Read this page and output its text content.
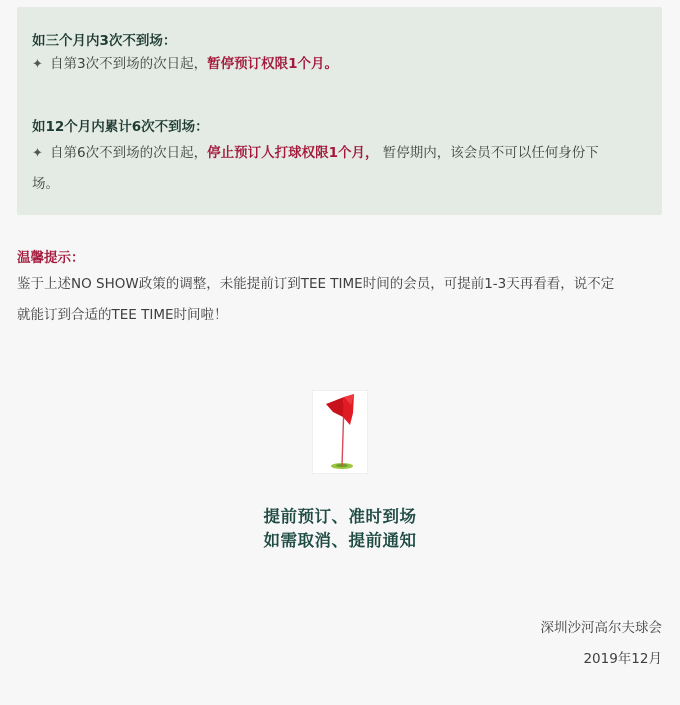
如三个月内3次不到场：
✦ 自第3次不到场的次日起，暂停预订权限1个月。
如12个月内累计6次不到场：
✦ 自第6次不到场的次日起，停止预订人打球权限1个月， 暂停期内，该会员不可以任何身份下
场。
温馨提示：
鉴于上述NO SHOW政策的调整，未能提前订到TEE TIME时间的会员，可提前1-3天再看看，说不定
就能订到合适的TEE TIME时间啦！
提前预订、准时到场
如需取消、提前通知
深圳沙河高尔夫球会
2019年12月
